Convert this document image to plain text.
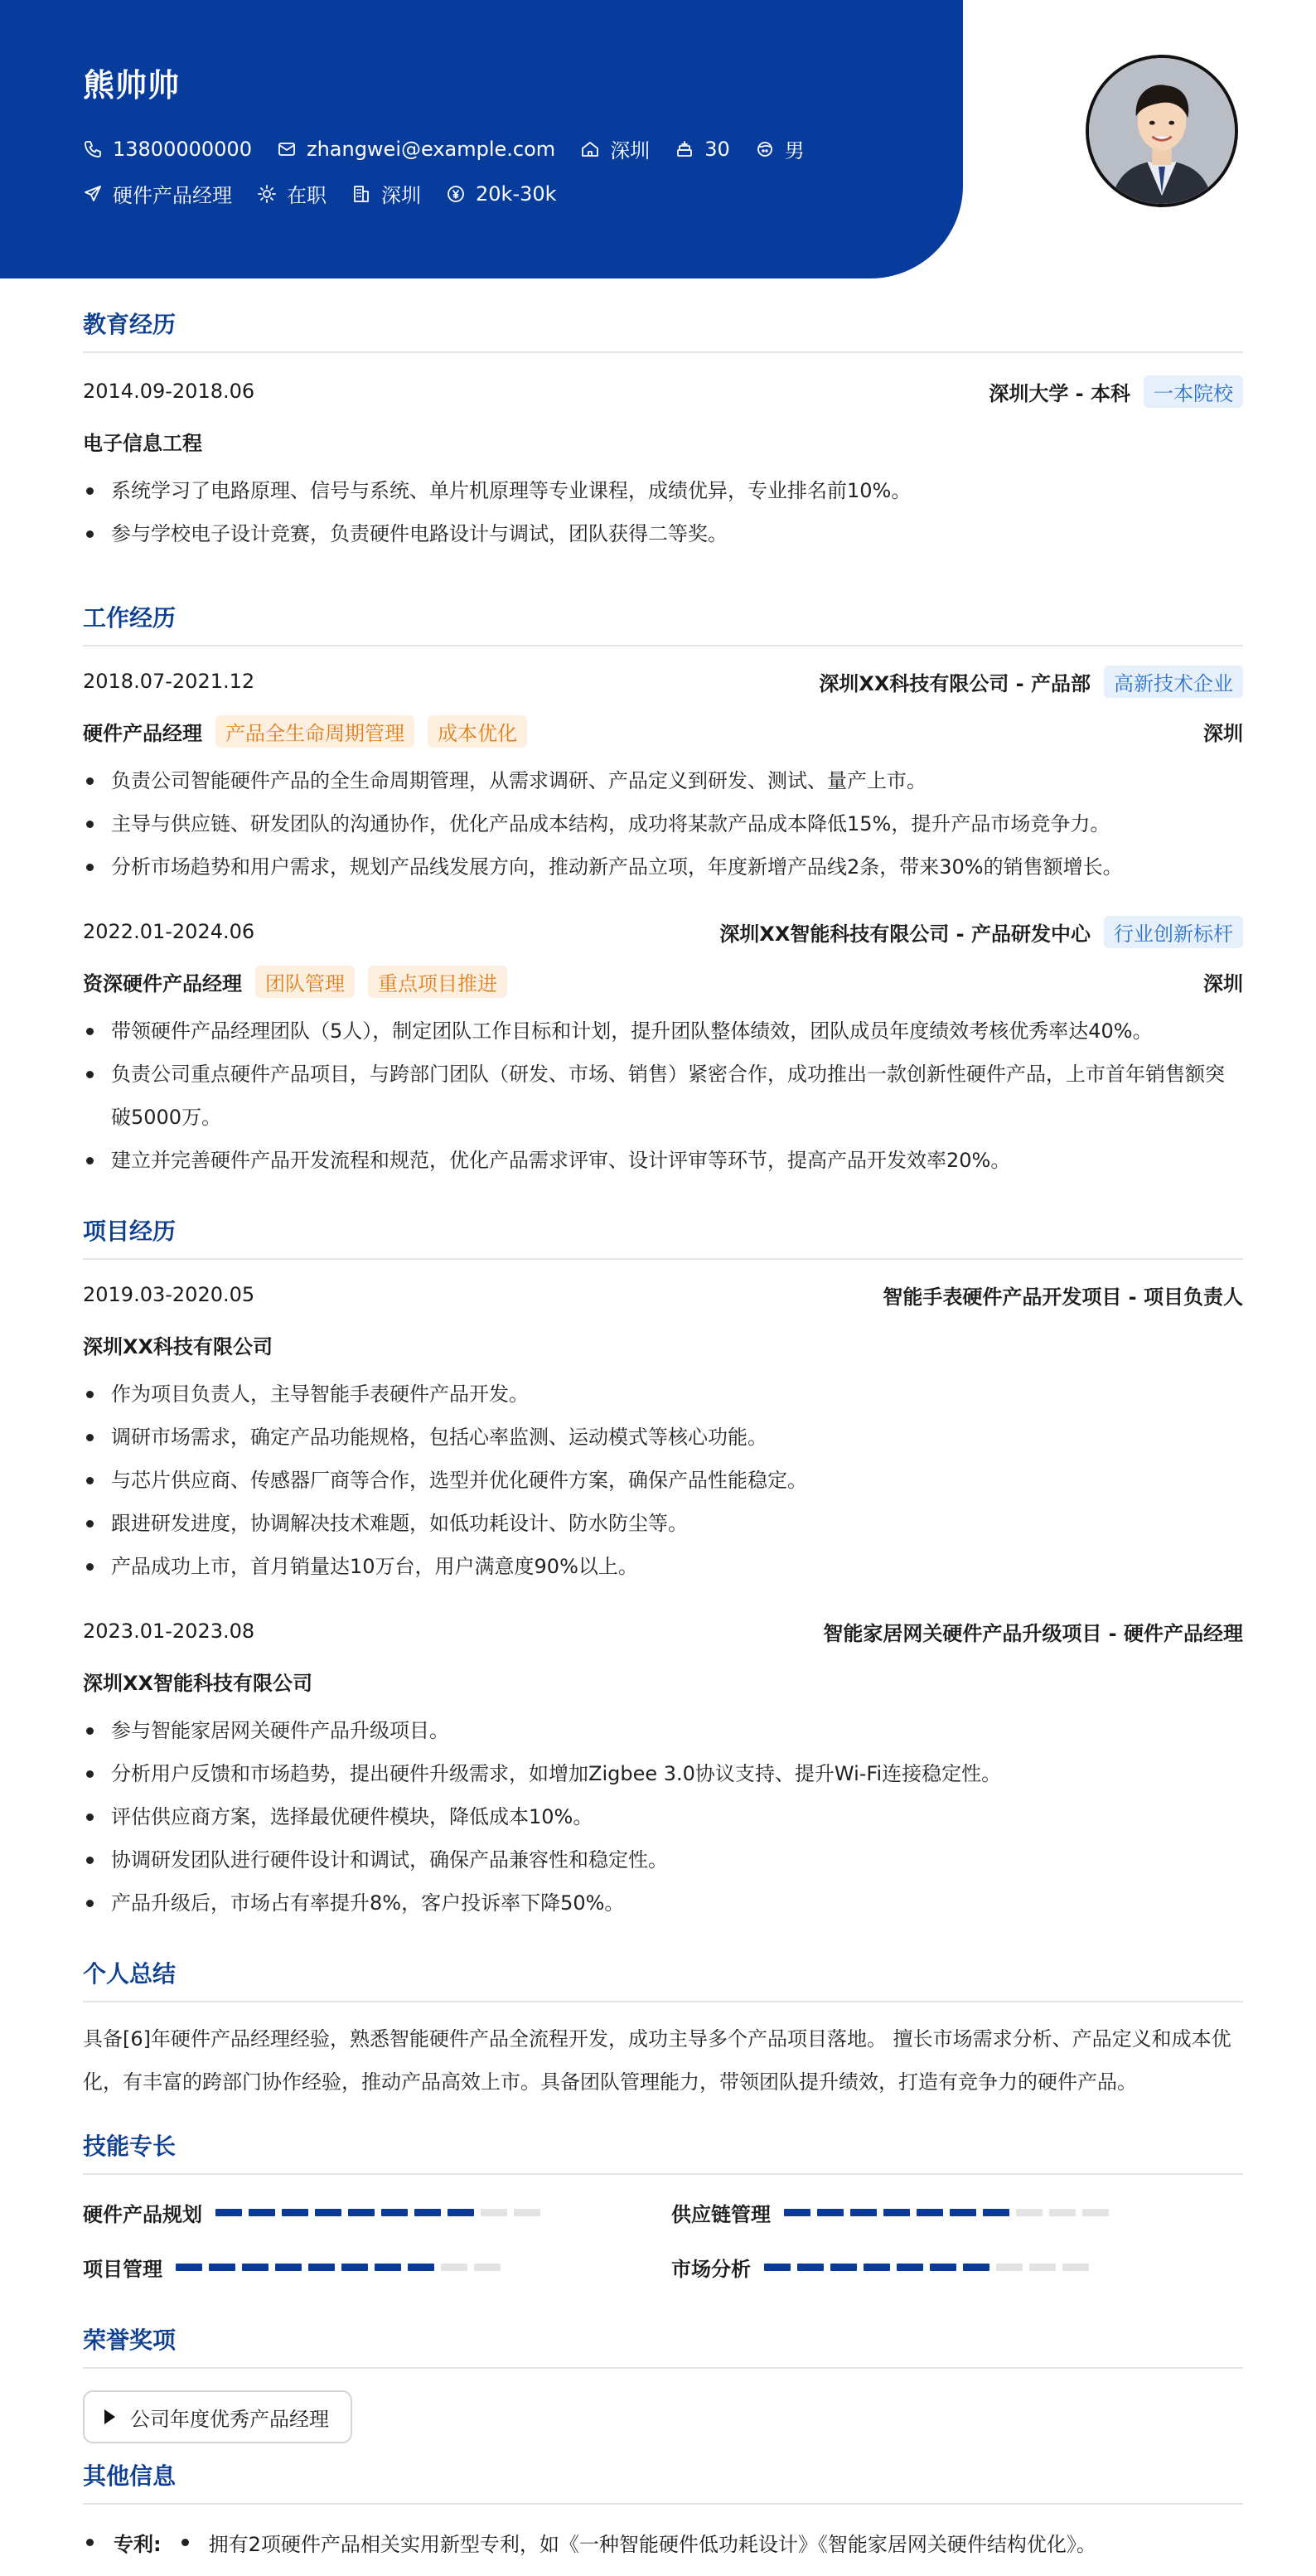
熊帅帅
13800000000	zhangwei@example.com	深圳	30	男
硬件产品经理	在职	深圳	20k-30k
教育经历
2014.09-2018.06	深圳大学 - 本科	一本院校
电子信息工程
系统学习了电路原理、信号与系统、单片机原理等专业课程，成绩优异，专业排名前10%。
参与学校电子设计竞赛，负责硬件电路设计与调试，团队获得二等奖。
工作经历
2018.07-2021.12	深圳XX科技有限公司 - 产品部	高新技术企业
硬件产品经理	产品全生命周期管理	成本优化	深圳
负责公司智能硬件产品的全生命周期管理，从需求调研、产品定义到研发、测试、量产上市。
主导与供应链、研发团队的沟通协作，优化产品成本结构，成功将某款产品成本降低15%，提升产品市场竞争力。
分析市场趋势和用户需求，规划产品线发展方向，推动新产品立项，年度新增产品线2条，带来30%的销售额增长。
2022.01-2024.06	深圳XX智能科技有限公司 - 产品研发中心	行业创新标杆
资深硬件产品经理	团队管理	重点项目推进	深圳
带领硬件产品经理团队（5人），制定团队工作目标和计划，提升团队整体绩效，团队成员年度绩效考核优秀率达40%。
负责公司重点硬件产品项目，与跨部门团队（研发、市场、销售）紧密合作，成功推出一款创新性硬件产品，上市首年销售额突破5000万。
建立并完善硬件产品开发流程和规范，优化产品需求评审、设计评审等环节，提高产品开发效率20%。
项目经历
2019.03-2020.05	智能手表硬件产品开发项目 - 项目负责人
深圳XX科技有限公司
作为项目负责人，主导智能手表硬件产品开发。
调研市场需求，确定产品功能规格，包括心率监测、运动模式等核心功能。
与芯片供应商、传感器厂商等合作，选型并优化硬件方案，确保产品性能稳定。
跟进研发进度，协调解决技术难题，如低功耗设计、防水防尘等。
产品成功上市，首月销量达10万台，用户满意度90%以上。
2023.01-2023.08	智能家居网关硬件产品升级项目 - 硬件产品经理
深圳XX智能科技有限公司
参与智能家居网关硬件产品升级项目。
分析用户反馈和市场趋势，提出硬件升级需求，如增加Zigbee 3.0协议支持、提升Wi-Fi连接稳定性。
评估供应商方案，选择最优硬件模块，降低成本10%。
协调研发团队进行硬件设计和调试，确保产品兼容性和稳定性。
产品升级后，市场占有率提升8%，客户投诉率下降50%。
个人总结
具备[6]年硬件产品经理经验，熟悉智能硬件产品全流程开发，成功主导多个产品项目落地。 擅长市场需求分析、产品定义和成本优
化，有丰富的跨部门协作经验，推动产品高效上市。具备团队管理能力，带领团队提升绩效，打造有竞争力的硬件产品。
技能专长
硬件产品规划	供应链管理
项目管理	市场分析
荣誉奖项
公司年度优秀产品经理
其他信息
专利: 拥有2项硬件产品相关实用新型专利，如《一种智能硬件低功耗设计》《智能家居网关硬件结构优化》。
